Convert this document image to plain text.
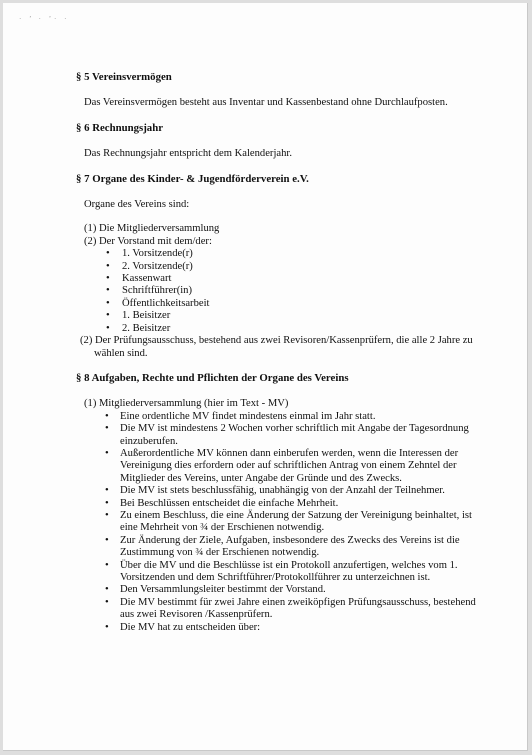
· ’ · ’· ·
§ 5 Vereinsvermögen

Das Vereinsvermögen besteht aus Inventar und Kassenbestand ohne Durchlaufposten.

§ 6 Rechnungsjahr

Das Rechnungsjahr entspricht dem Kalenderjahr.

§ 7 Organe des Kinder- & Jugendförderverein e.V.

Organe des Vereins sind:

(1) Die Mitgliederversammlung

(2) Der Vorstand mit dem/der:

• 1. Vorsitzende(r)
• 2. Vorsitzende(r)
• Kassenwart
• Schriftführer(in)
• Öffentlichkeitsarbeit
• 1. Beisitzer
• 2. Beisitzer

(2) Der Prüfungsausschuss, bestehend aus zwei Revisoren/Kassenprüfern, die alle 2 Jahre zu wählen sind.

§ 8 Aufgaben, Rechte und Pflichten der Organe des Vereins

(1) Mitgliederversammlung (hier im Text - MV)

• Eine ordentliche MV findet mindestens einmal im Jahr statt.
• Die MV ist mindestens 2 Wochen vorher schriftlich mit Angabe der Tagesordnung einzuberufen.
• Außerordentliche MV können dann einberufen werden, wenn die Interessen der Vereinigung dies erfordern oder auf schriftlichen Antrag von einem Zehntel der Mitglieder des Vereins, unter Angabe der Gründe und des Zwecks.
• Die MV ist stets beschlussfähig, unabhängig von der Anzahl der Teilnehmer.
• Bei Beschlüssen entscheidet die einfache Mehrheit.
• Zu einem Beschluss, die eine Änderung der Satzung der Vereinigung beinhaltet, ist eine Mehrheit von ¾ der Erschienen notwendig.
• Zur Änderung der Ziele, Aufgaben, insbesondere des Zwecks des Vereins ist die Zustimmung von ¾ der Erschienen notwendig.
• Über die MV und die Beschlüsse ist ein Protokoll anzufertigen, welches vom 1. Vorsitzenden und dem Schriftführer/Protokollführer zu unterzeichnen ist.
• Den Versammlungsleiter bestimmt der Vorstand.
• Die MV bestimmt für zwei Jahre einen zweiköpfigen Prüfungsausschuss, bestehend aus zwei Revisoren /Kassenprüfern.
• Die MV hat zu entscheiden über:
